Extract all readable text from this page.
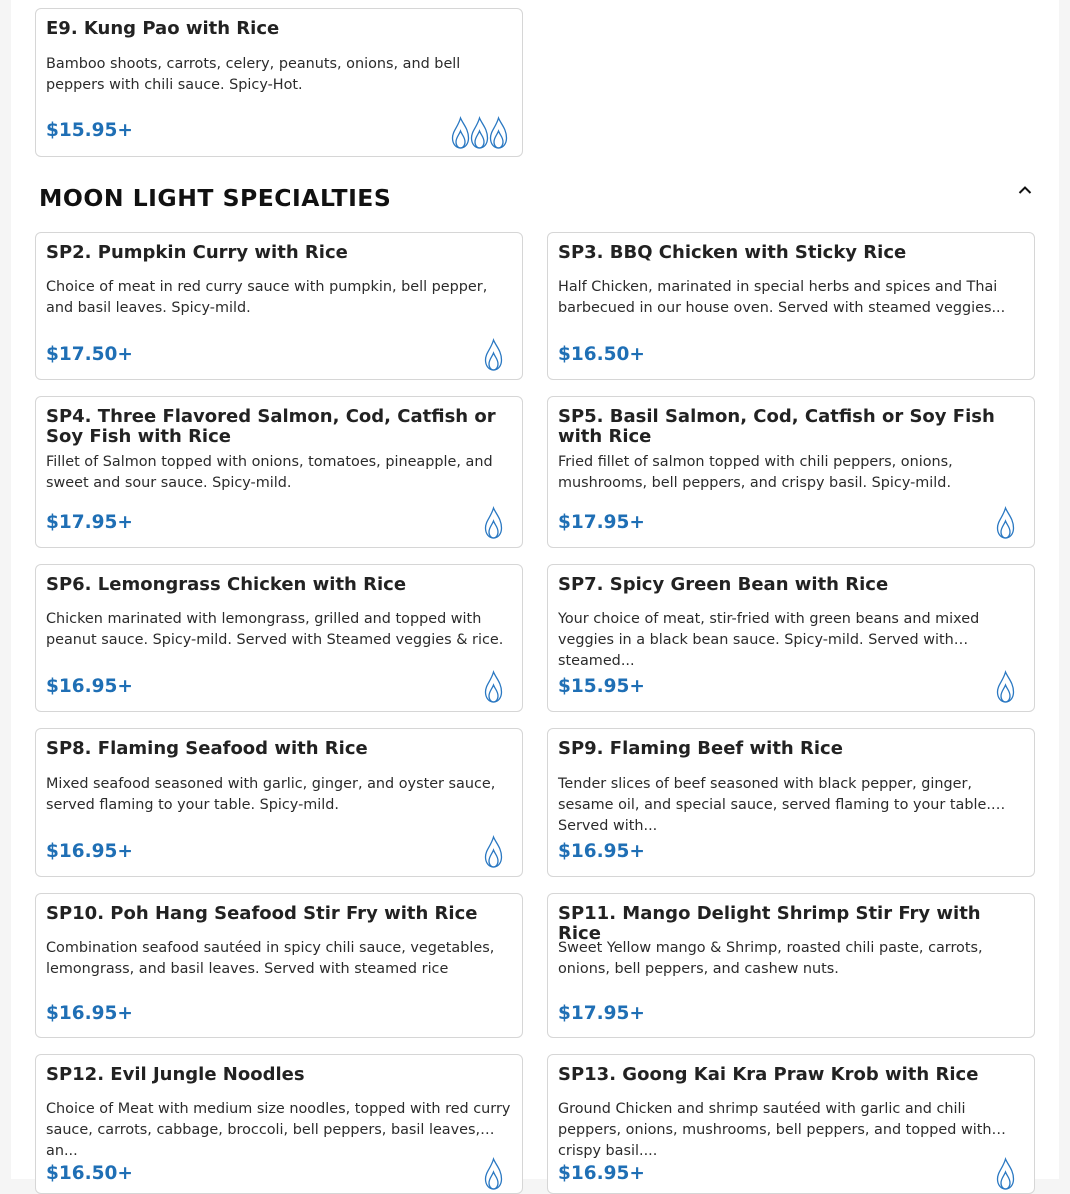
E9. Kung Pao with Rice
Bamboo shoots, carrots, celery, peanuts, onions, and bell peppers with chili sauce. Spicy-Hot.
$15.95+
MOON LIGHT SPECIALTIES
SP2. Pumpkin Curry with Rice
Choice of meat in red curry sauce with pumpkin, bell pepper, and basil leaves. Spicy-mild.
$17.50+
SP3. BBQ Chicken with Sticky Rice
Half Chicken, marinated in special herbs and spices and Thai barbecued in our house oven. Served with steamed veggies...
$16.50+
SP4. Three Flavored Salmon, Cod, Catfish or Soy Fish with Rice
Fillet of Salmon topped with onions, tomatoes, pineapple, and sweet and sour sauce. Spicy-mild.
$17.95+
SP5. Basil Salmon, Cod, Catfish or Soy Fish with Rice
Fried fillet of salmon topped with chili peppers, onions, mushrooms, bell peppers, and crispy basil. Spicy-mild.
$17.95+
SP6. Lemongrass Chicken with Rice
Chicken marinated with lemongrass, grilled and topped with peanut sauce. Spicy-mild. Served with Steamed veggies & rice.
$16.95+
SP7. Spicy Green Bean with Rice
Your choice of meat, stir-fried with green beans and mixed veggies in a black bean sauce. Spicy-mild. Served with steamed...
$15.95+
SP8. Flaming Seafood with Rice
Mixed seafood seasoned with garlic, ginger, and oyster sauce, served flaming to your table. Spicy-mild.
$16.95+
SP9. Flaming Beef with Rice
Tender slices of beef seasoned with black pepper, ginger, sesame oil, and special sauce, served flaming to your table. Served with...
$16.95+
SP10. Poh Hang Seafood Stir Fry with Rice
Combination seafood sautéed in spicy chili sauce, vegetables, lemongrass, and basil leaves. Served with steamed rice
$16.95+
SP11. Mango Delight Shrimp Stir Fry with Rice
Sweet Yellow mango & Shrimp, roasted chili paste, carrots, onions, bell peppers, and cashew nuts.
$17.95+
SP12. Evil Jungle Noodles
Choice of Meat with medium size noodles, topped with red curry sauce, carrots, cabbage, broccoli, bell peppers, basil leaves, an...
$16.50+
SP13. Goong Kai Kra Praw Krob with Rice
Ground Chicken and shrimp sautéed with garlic and chili peppers, onions, mushrooms, bell peppers, and topped with crispy basil....
$16.95+
